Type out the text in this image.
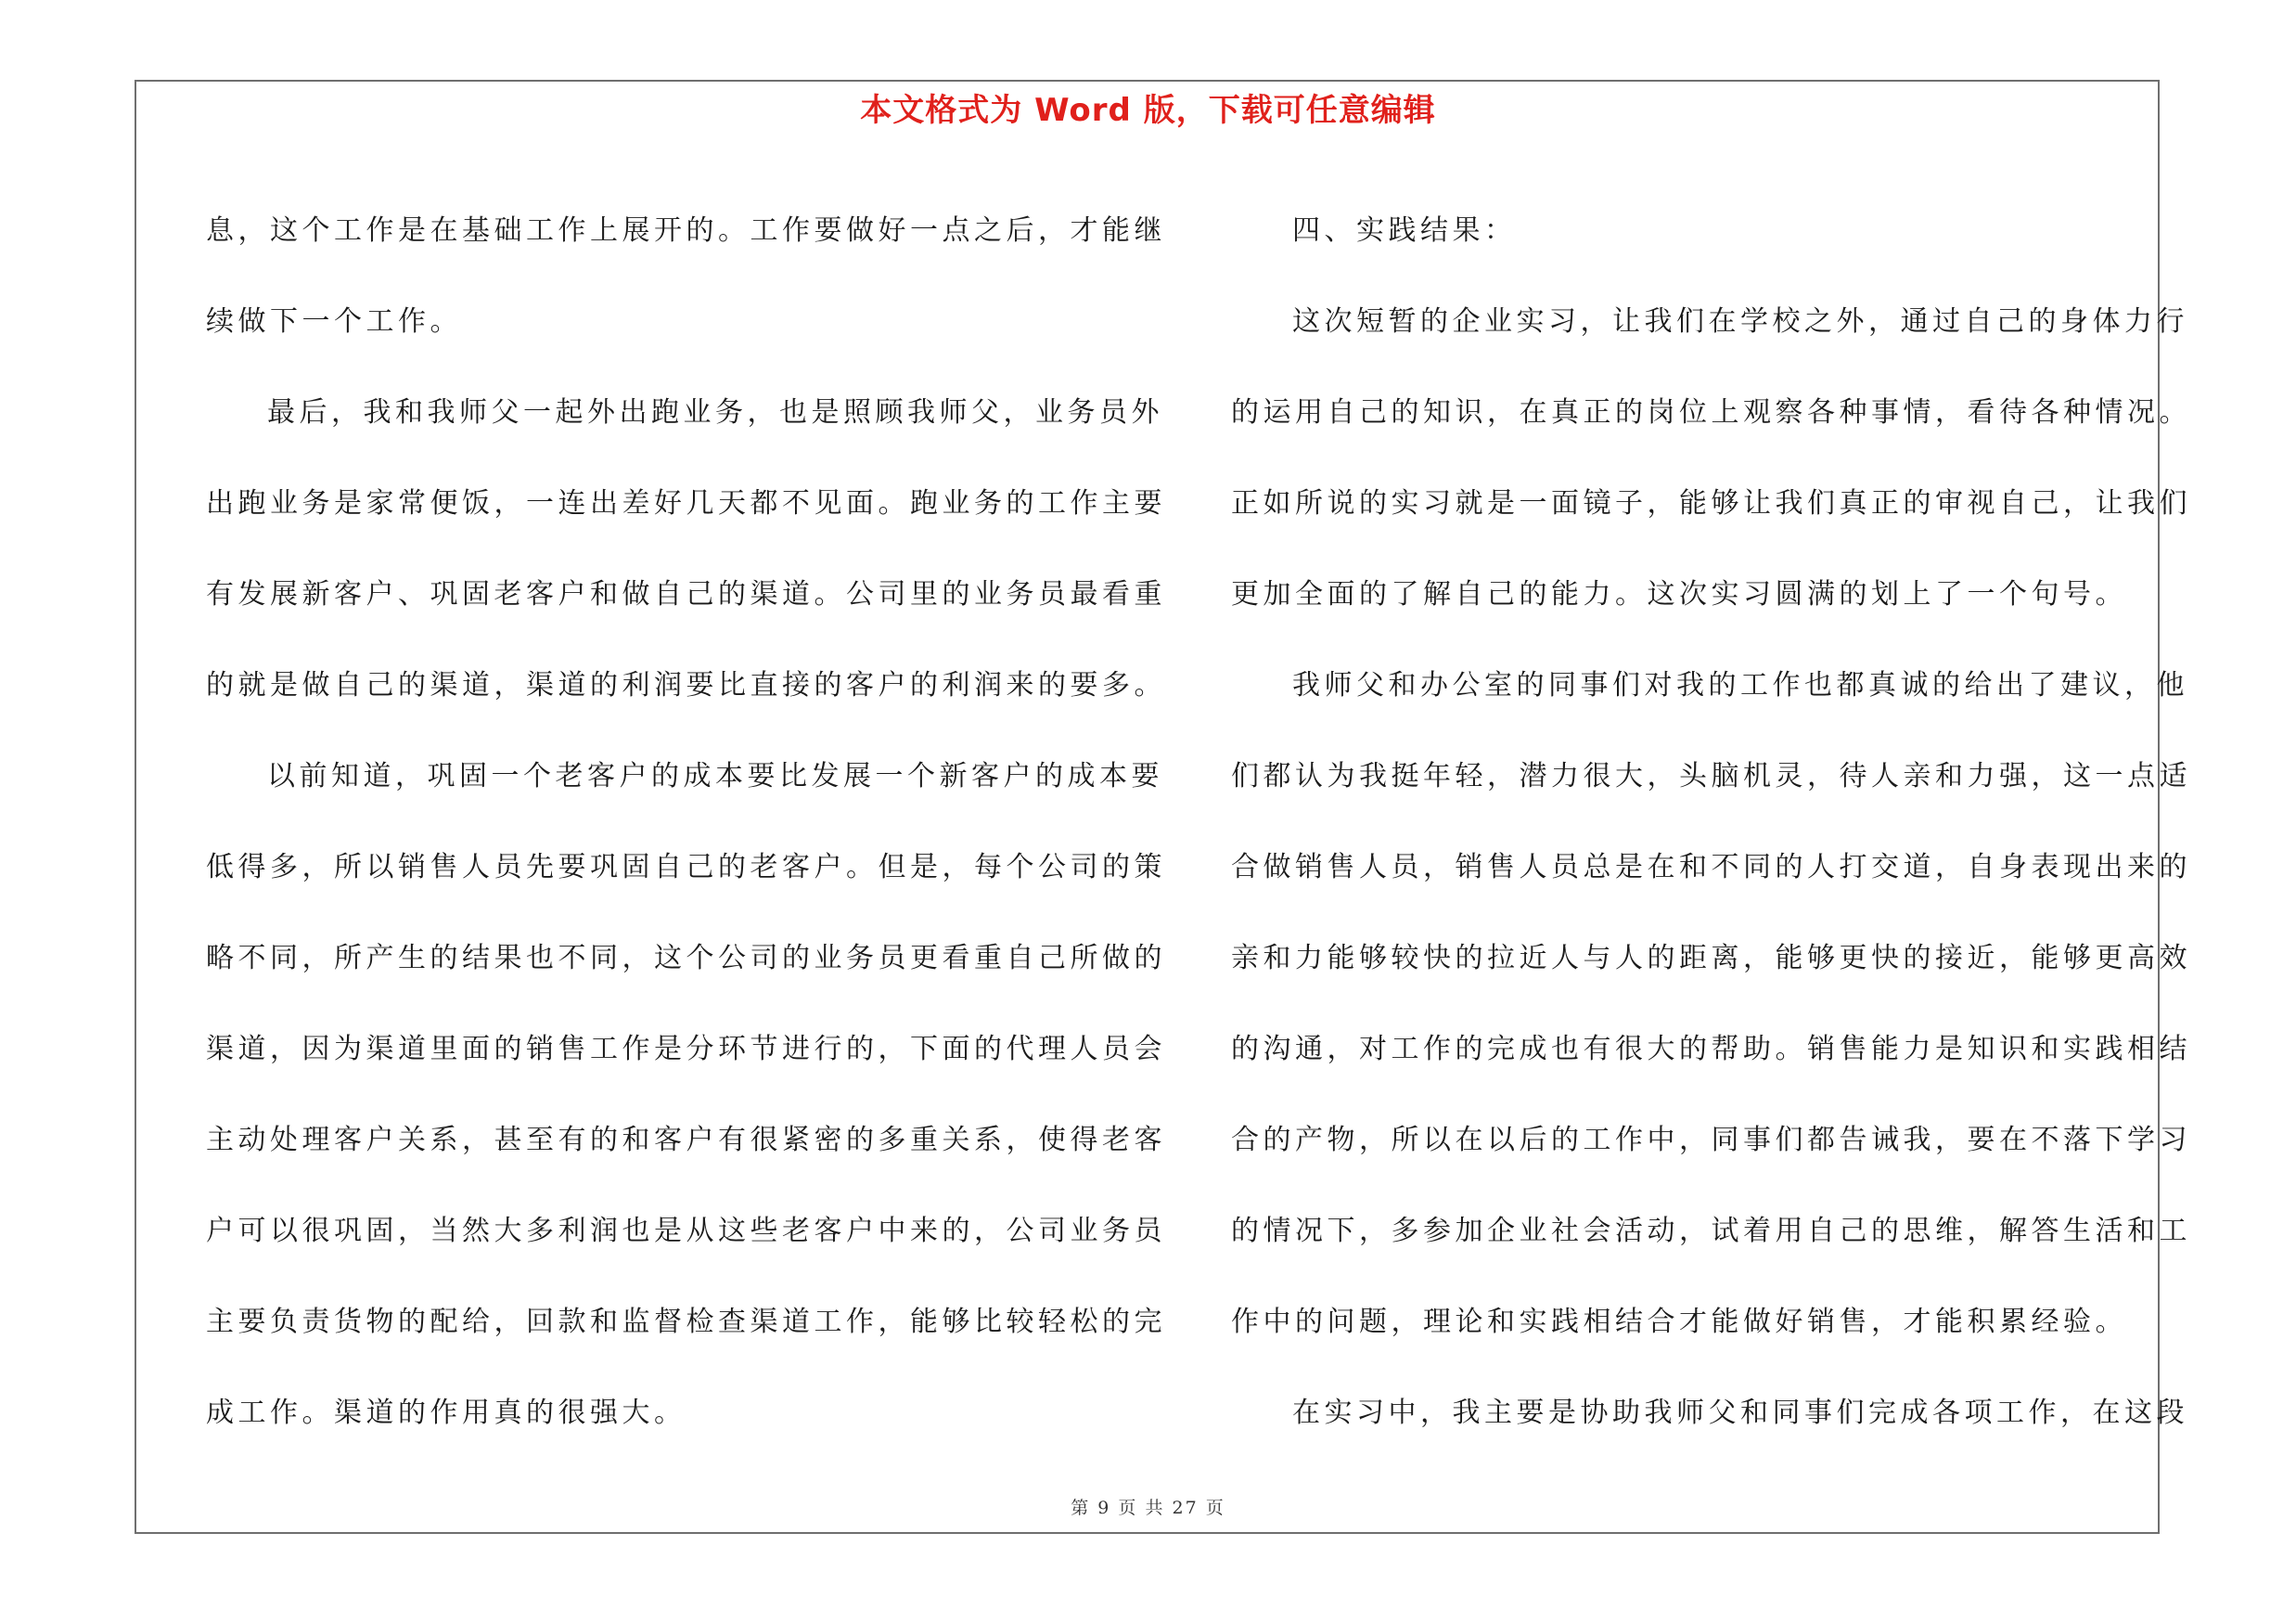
本文格式为 Word 版，下载可任意编辑
息，这个工作是在基础工作上展开的。工作要做好一点之后，才能继
续做下一个工作。
最后，我和我师父一起外出跑业务，也是照顾我师父，业务员外
出跑业务是家常便饭，一连出差好几天都不见面。跑业务的工作主要
有发展新客户、巩固老客户和做自己的渠道。公司里的业务员最看重
的就是做自己的渠道，渠道的利润要比直接的客户的利润来的要多。
以前知道，巩固一个老客户的成本要比发展一个新客户的成本要
低得多，所以销售人员先要巩固自己的老客户。但是，每个公司的策
略不同，所产生的结果也不同，这个公司的业务员更看重自己所做的
渠道，因为渠道里面的销售工作是分环节进行的，下面的代理人员会
主动处理客户关系，甚至有的和客户有很紧密的多重关系，使得老客
户可以很巩固，当然大多利润也是从这些老客户中来的，公司业务员
主要负责货物的配给，回款和监督检查渠道工作，能够比较轻松的完
成工作。渠道的作用真的很强大。
四、实践结果：
这次短暂的企业实习，让我们在学校之外，通过自己的身体力行
的运用自己的知识，在真正的岗位上观察各种事情，看待各种情况。
正如所说的实习就是一面镜子，能够让我们真正的审视自己，让我们
更加全面的了解自己的能力。这次实习圆满的划上了一个句号。
我师父和办公室的同事们对我的工作也都真诚的给出了建议，他
们都认为我挺年轻，潜力很大，头脑机灵，待人亲和力强，这一点适
合做销售人员，销售人员总是在和不同的人打交道，自身表现出来的
亲和力能够较快的拉近人与人的距离，能够更快的接近，能够更高效
的沟通，对工作的完成也有很大的帮助。销售能力是知识和实践相结
合的产物，所以在以后的工作中，同事们都告诫我，要在不落下学习
的情况下，多参加企业社会活动，试着用自己的思维，解答生活和工
作中的问题，理论和实践相结合才能做好销售，才能积累经验。
在实习中，我主要是协助我师父和同事们完成各项工作，在这段
第 9 页 共 27 页
